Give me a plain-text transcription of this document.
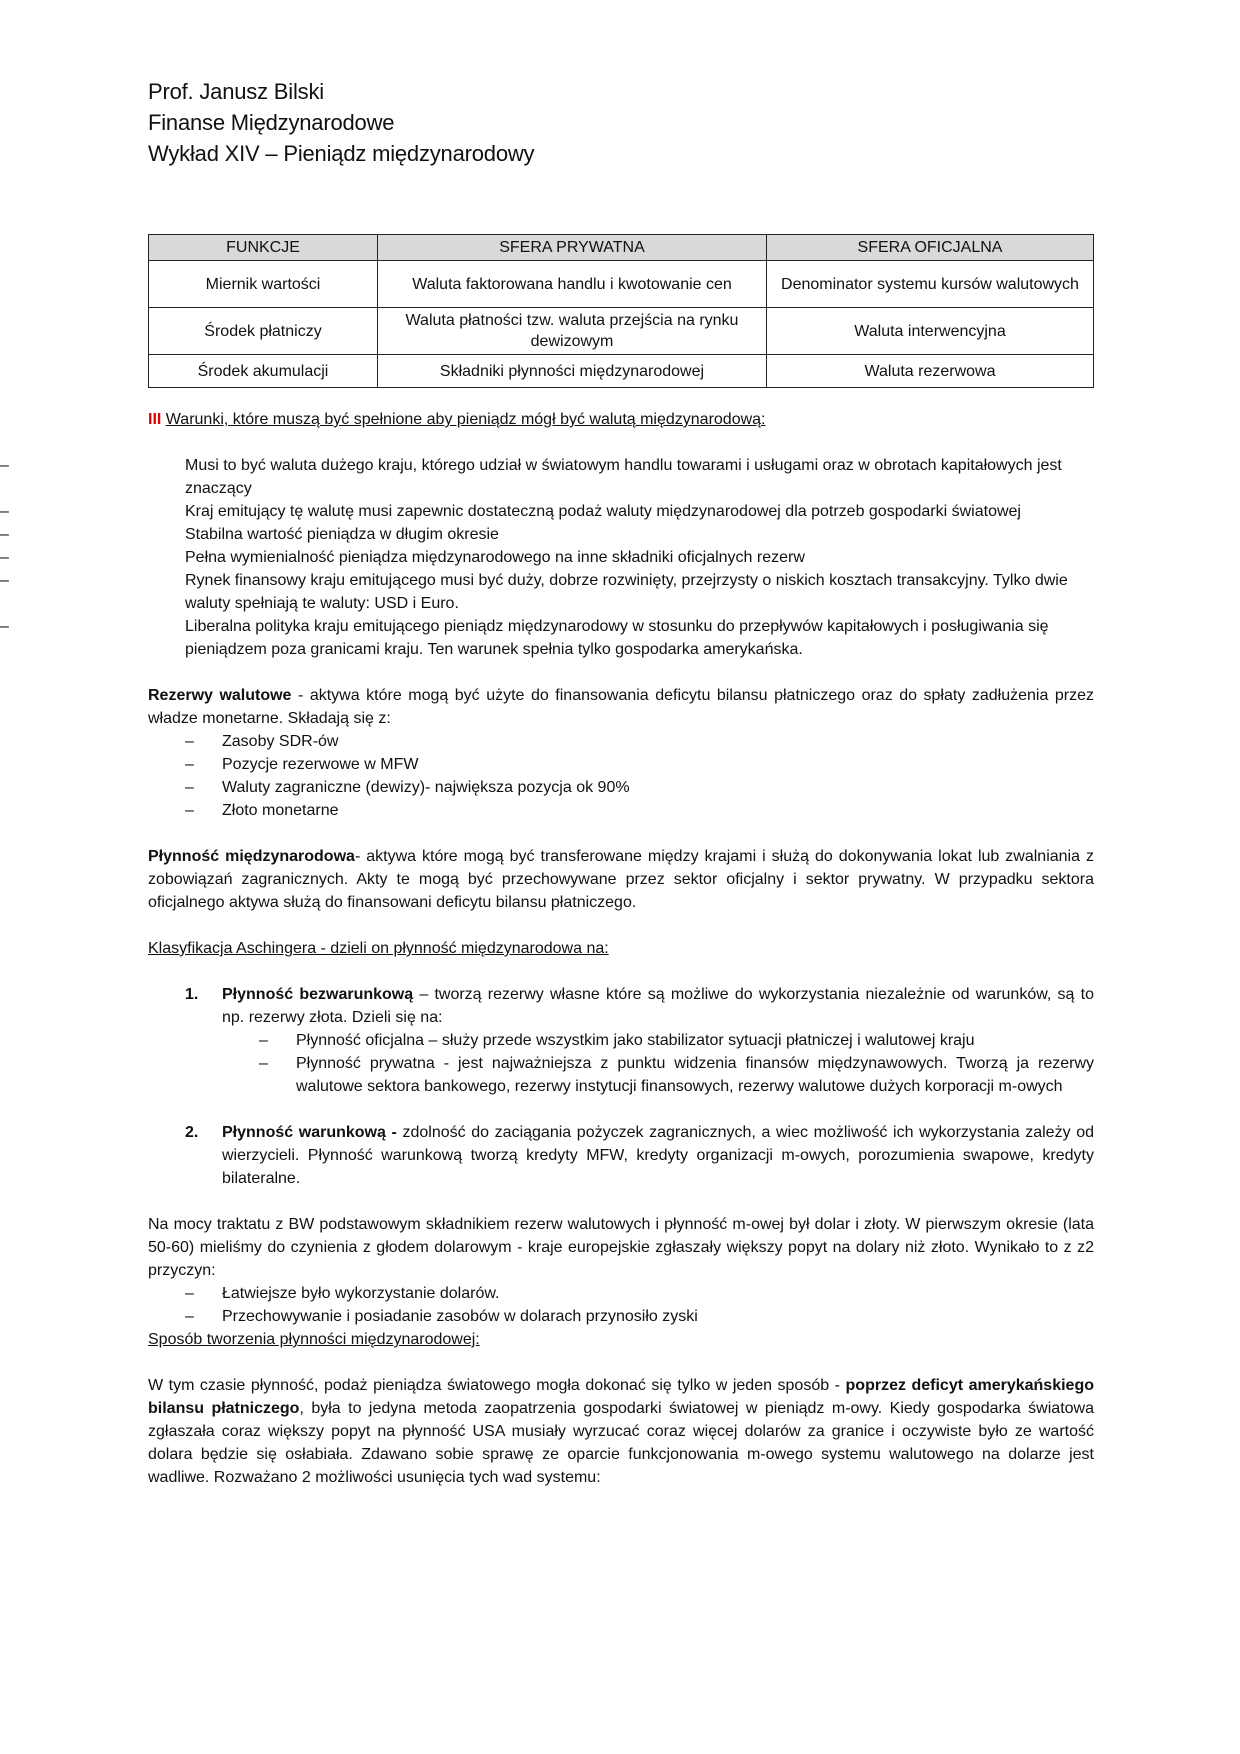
Prof. Janusz Bilski

Finanse Międzynarodowe

Wykład XIV – Pieniądz międzynarodowy

FUNKCJE	SFERA PRYWATNA	SFERA OFICJALNA
Miernik wartości	Waluta faktorowana handlu i kwotowanie cen	Denominator systemu kursów walutowych
Środek płatniczy	Waluta płatności tzw. waluta przejścia na rynku dewizowym	Waluta interwencyjna
Środek akumulacji	Składniki płynności międzynarodowej	Waluta rezerwowa

III Warunki, które muszą być spełnione aby pieniądz mógł być walutą międzynarodową:

– Musi to być waluta dużego kraju, którego udział w światowym handlu towarami i usługami oraz w obrotach kapitałowych jest znaczący
– Kraj emitujący tę walutę musi zapewnic dostateczną podaż waluty międzynarodowej dla potrzeb gospodarki światowej
– Stabilna wartość pieniądza w długim okresie
– Pełna wymienialność pieniądza międzynarodowego na inne składniki oficjalnych rezerw
– Rynek finansowy kraju emitującego musi być duży, dobrze rozwinięty, przejrzysty o niskich kosztach transakcyjny. Tylko dwie waluty spełniają te waluty: USD i Euro.
– Liberalna polityka kraju emitującego pieniądz międzynarodowy w stosunku do przepływów kapitałowych i posługiwania się pieniądzem poza granicami kraju. Ten warunek spełnia tylko gospodarka amerykańska.

Rezerwy walutowe - aktywa które mogą być użyte do finansowania deficytu bilansu płatniczego oraz do spłaty zadłużenia przez władze monetarne. Składają się z:

– Zasoby SDR-ów
– Pozycje rezerwowe w MFW
– Waluty zagraniczne (dewizy)- największa pozycja ok 90%
– Złoto monetarne

Płynność międzynarodowa- aktywa które mogą być transferowane między krajami i służą do dokonywania lokat lub zwalniania z zobowiązań zagranicznych. Akty te mogą być przechowywane przez sektor oficjalny i sektor prywatny. W przypadku sektora oficjalnego aktywa służą do finansowani deficytu bilansu płatniczego.

Klasyfikacja Aschingera - dzieli on płynność międzynarodowa na:

1. Płynność bezwarunkową – tworzą rezerwy własne które są możliwe do wykorzystania niezależnie od warunków, są to np. rezerwy złota. Dzieli się na:
– Płynność oficjalna – służy przede wszystkim jako stabilizator sytuacji płatniczej i walutowej kraju
– Płynność prywatna - jest najważniejsza z punktu widzenia finansów międzynawowych. Tworzą ja rezerwy walutowe sektora bankowego, rezerwy instytucji finansowych, rezerwy walutowe dużych korporacji m-owych
2. Płynność warunkową - zdolność do zaciągania pożyczek zagranicznych, a wiec możliwość ich wykorzystania zależy od wierzycieli. Płynność warunkową tworzą kredyty MFW, kredyty organizacji m-owych, porozumienia swapowe, kredyty bilateralne.

Na mocy traktatu z BW podstawowym składnikiem rezerw walutowych i płynność m-owej był dolar i złoty. W pierwszym okresie (lata 50-60) mieliśmy do czynienia z głodem dolarowym - kraje europejskie zgłaszały większy popyt na dolary niż złoto. Wynikało to z z2 przyczyn:

– Łatwiejsze było wykorzystanie dolarów.
– Przechowywanie i posiadanie zasobów w dolarach przynosiło zyski

Sposób tworzenia płynności międzynarodowej:

W tym czasie płynność, podaż pieniądza światowego mogła dokonać się tylko w jeden sposób - poprzez deficyt amerykańskiego bilansu płatniczego, była to jedyna metoda zaopatrzenia gospodarki światowej w pieniądz m-owy. Kiedy gospodarka światowa zgłaszała coraz większy popyt na płynność USA musiały wyrzucać coraz więcej dolarów za granice i oczywiste było ze wartość dolara będzie się osłabiała. Zdawano sobie sprawę ze oparcie funkcjonowania m-owego systemu walutowego na dolarze jest wadliwe. Rozważano 2 możliwości usunięcia tych wad systemu:
